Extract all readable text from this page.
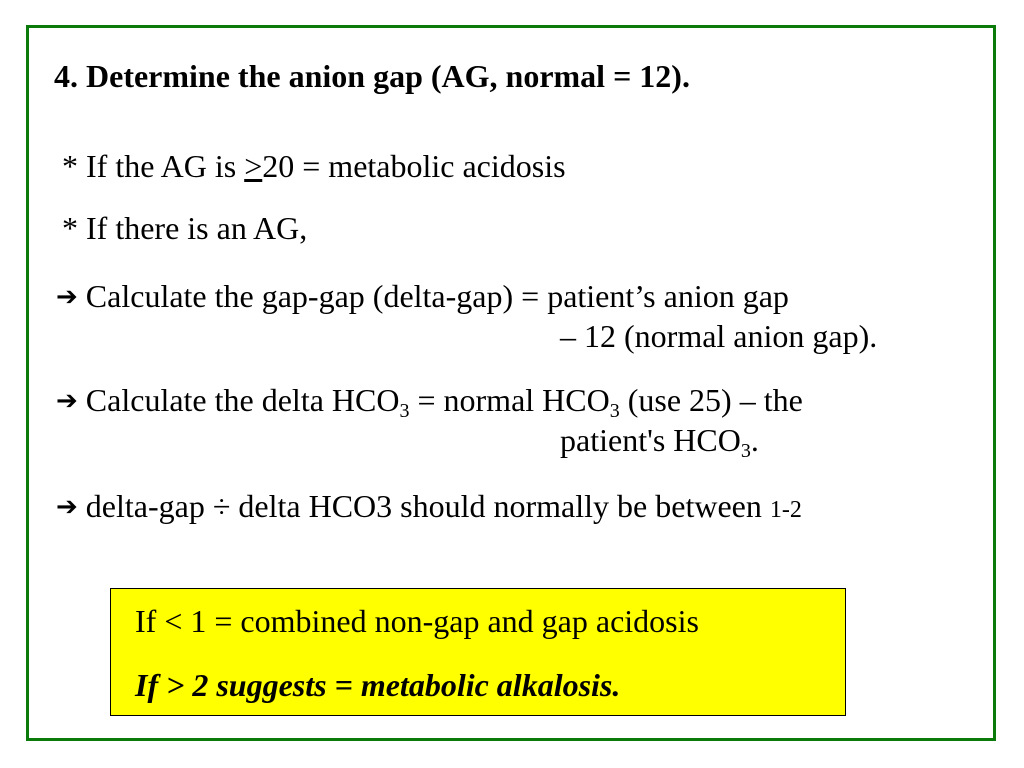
4. Determine the anion gap (AG, normal = 12).
* If the AG is ≥20 = metabolic acidosis
* If there is an AG,
➔ Calculate the gap-gap (delta-gap) = patient’s anion gap
– 12 (normal anion gap).
➔ Calculate the delta $HCO_3$ = normal $HCO_3$ (use 25) – the
patient's $HCO_3$.
➔ delta-gap ÷ delta HCO3 should normally be between 1-2
If < 1 = combined non-gap and gap acidosis
If > 2 suggests = metabolic alkalosis.
